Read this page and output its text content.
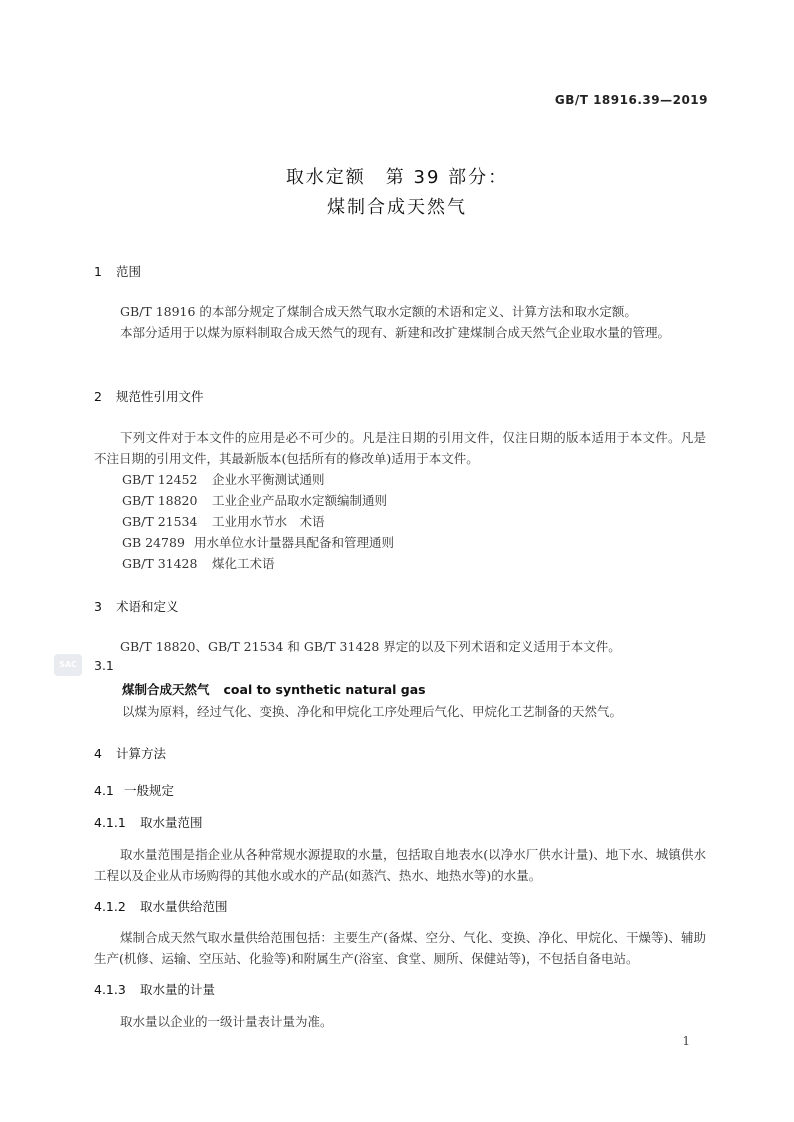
GB/T 18916.39—2019
取水定额　第 39 部分：
煤制合成天然气
1 范围

GB/T 18916 的本部分规定了煤制合成天然气取水定额的术语和定义、计算方法和取水定额。

本部分适用于以煤为原料制取合成天然气的现有、新建和改扩建煤制合成天然气企业取水量的管理。

2 规范性引用文件

下列文件对于本文件的应用是必不可少的。凡是注日期的引用文件，仅注日期的版本适用于本文件。凡是不注日期的引用文件，其最新版本(包括所有的修改单)适用于本文件。

GB/T 12452 企业水平衡测试通则
GB/T 18820 工业企业产品取水定额编制通则
GB/T 21534 工业用水节水　术语
GB 24789 用水单位水计量器具配备和管理通则
GB/T 31428 煤化工术语
3 术语和定义

GB/T 18820、GB/T 21534 和 GB/T 31428 界定的以及下列术语和定义适用于本文件。

SAC	3.1
煤制合成天然气 coal to synthetic natural gas
以煤为原料，经过气化、变换、净化和甲烷化工序处理后气化、甲烷化工艺制备的天然气。
4 计算方法
4.1 一般规定
4.1.1 取水量范围

取水量范围是指企业从各种常规水源提取的水量，包括取自地表水(以净水厂供水计量)、地下水、城镇供水工程以及企业从市场购得的其他水或水的产品(如蒸汽、热水、地热水等)的水量。

4.1.2 取水量供给范围

煤制合成天然气取水量供给范围包括：主要生产(备煤、空分、气化、变换、净化、甲烷化、干燥等)、辅助生产(机修、运输、空压站、化验等)和附属生产(浴室、食堂、厕所、保健站等)，不包括自备电站。

4.1.3 取水量的计量

取水量以企业的一级计量表计量为准。

1
